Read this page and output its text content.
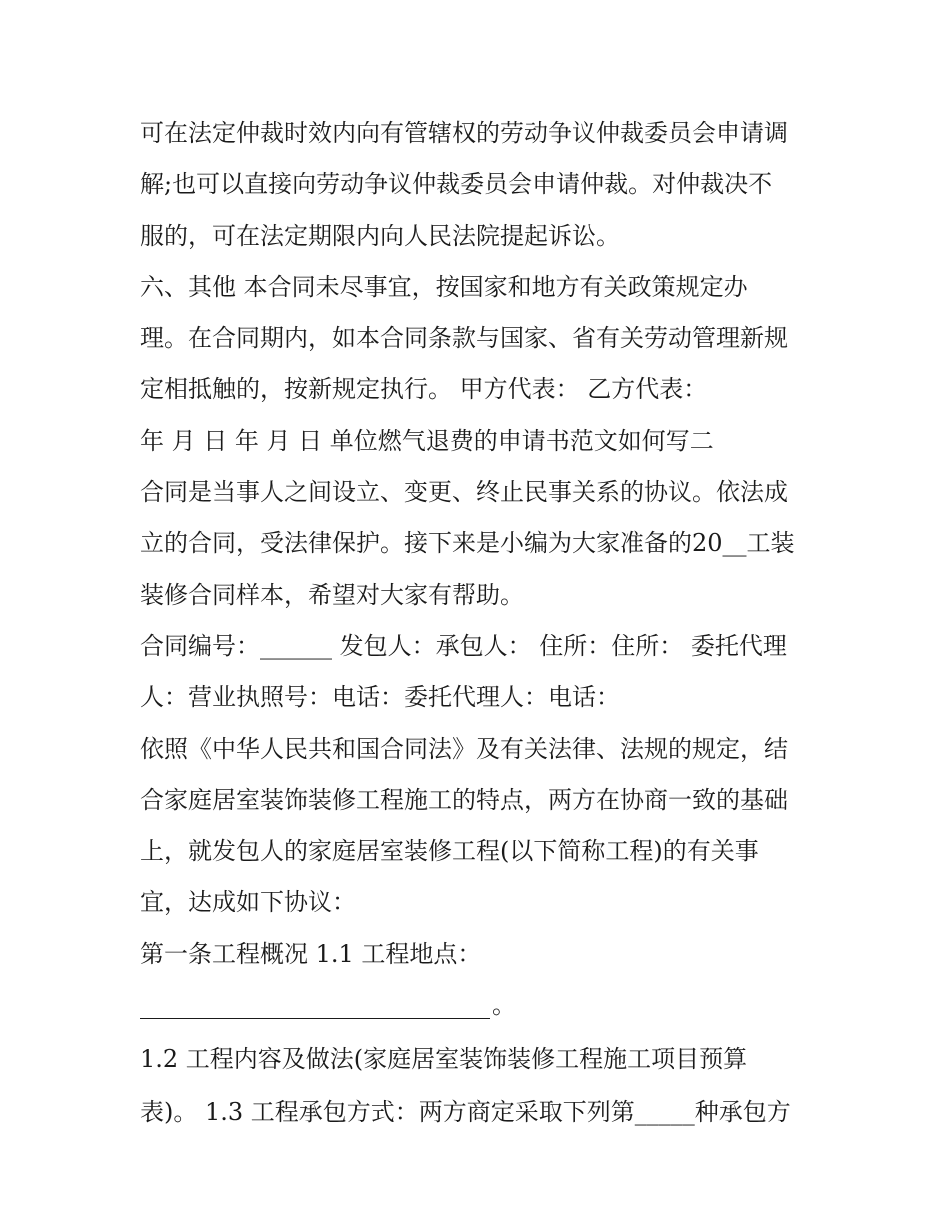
可在法定仲裁时效内向有管辖权的劳动争议仲裁委员会申请调
解;也可以直接向劳动争议仲裁委员会申请仲裁。对仲裁决不
服的，可在法定期限内向人民法院提起诉讼。
六、其他 本合同未尽事宜，按国家和地方有关政策规定办
理。在合同期内，如本合同条款与国家、省有关劳动管理新规
定相抵触的，按新规定执行。 甲方代表： 乙方代表：
年 月 日 年 月 日 单位燃气退费的申请书范文如何写二
合同是当事人之间设立、变更、终止民事关系的协议。依法成
立的合同，受法律保护。接下来是小编为大家准备的20__工装
装修合同样本，希望对大家有帮助。
合同编号：______ 发包人：承包人： 住所：住所： 委托代理
人：营业执照号：电话：委托代理人：电话：
依照《中华人民共和国合同法》及有关法律、法规的规定，结
合家庭居室装饰装修工程施工的特点，两方在协商一致的基础
上，就发包人的家庭居室装修工程(以下简称工程)的有关事
宜，达成如下协议：
第一条工程概况 1.1 工程地点：
。
1.2 工程内容及做法(家庭居室装饰装修工程施工项目预算
表)。 1.3 工程承包方式：两方商定采取下列第_____种承包方
